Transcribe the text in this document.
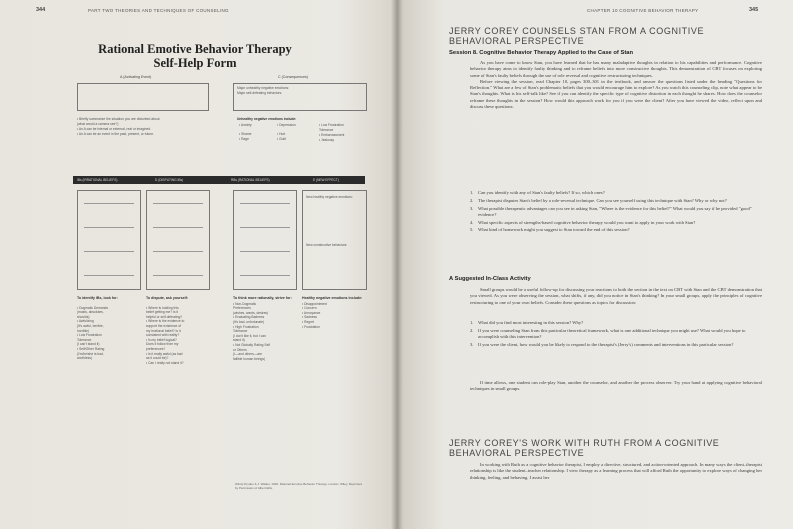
344	PART TWO THEORIES AND TECHNIQUES OF COUNSELING
Rational Emotive Behavior Therapy
Self-Help Form
A (Activating Event)	C (Consequences)
Major unhealthy negative emotions:
Major self-defeating behaviors:
• Briefly summarize the situation you are disturbed about
(what would a camera see?)
• An A can be internal or external, real or imagined.
• An A can be an event in the past, present, or future.
Unhealthy negative emotions include:
• Anxiety
• Shame
• Rage
• Depression
• Hurt
• Guilt
• Low Frustration
Tolerance
• Embarrassment
• Jealousy
IBs (IRRATIONAL BELIEFS)	D (DISPUTING IBs)	RBs (RATIONAL BELIEFS)	E (NEW EFFECT)
New healthy negative emotions:
New constructive behaviors:
To identify IBs, look for:
• Dogmatic Demands
(musts, absolutes,
shoulds)
• Awfulizing
(It's awful, terrible,
horrible)
• Low Frustration
Tolerance
(I can't stand it)
• Self/Other Rating
(I'm/he/she is bad,
worthless)
To dispute, ask yourself:
• Where is holding this
belief getting me? Is it
helpful or self-defeating?
• Where is the evidence to
support the existence of
my irrational belief? Is it
consistent with reality?
• Is my belief logical?
Does it follow from my
preferences?
• Is it really awful (as bad
as it could be)?
• Can I really not stand it?
To think more rationally, strive for:
• Non-Dogmatic
Preferences
(wishes, wants, desires)
• Evaluating Badness
(it's bad, unfortunate)
• High Frustration
Tolerance
(I don't like it, but I can
stand it)
• Not Globally Rating Self
or Others
(I—and others—are
fallible human beings)
Healthy negative emotions include:
• Disappointment
• Concern
• Annoyance
• Sadness
• Regret
• Frustration
Windy Dryden & J. Walker, 1992. Rational Emotive Behavior Therapy. London: Wiley. Reprinted by Permission of Albert Ellis.
CHAPTER 10 COGNITIVE BEHAVIOR THERAPY	345
JERRY COREY COUNSELS STAN FROM A COGNITIVE
BEHAVIORAL PERSPECTIVE
Session 8. Cognitive Behavior Therapy Applied to the Case of Stan

As you have come to know Stan, you have learned that he has many maladaptive thoughts in relation to his capabilities and performance. Cognitive behavior therapy aims to identify faulty thinking and to reframe beliefs into more constructive thoughts. This demonstration of CBT focuses on exploring some of Stan's faulty beliefs through the use of role reversal and cognitive restructuring techniques.

Before viewing the session, read Chapter 10, pages 300–301 in the textbook, and answer the questions listed under the heading "Questions for Reflection." What are a few of Stan's problematic beliefs that you would encourage him to explore? As you watch this counseling clip, note what appear to be Stan's thoughts. What is his self-talk like? See if you can identify the specific type of cognitive distortion in each thought he shares. How does the counselor reframe these thoughts in the session? How would this approach work for you if you were the client? After you have viewed the video, reflect upon and discuss these questions:

1. Can you identify with any of Stan's faulty beliefs? If so, which ones?
2. The therapist disputes Stan's belief by a role-reversal technique. Can you see yourself using this technique with Stan? Why or why not?
3. What possible therapeutic advantages can you see in asking Stan, "Where is the evidence for this belief?" What would you say if he provided "good" evidence?
4. What specific aspects of strengths-based cognitive behavior therapy would you want to apply in your work with Stan?
5. What kind of homework might you suggest to Stan toward the end of this session?
A Suggested In-Class Activity

Small groups would be a useful follow-up for discussing your reactions to both the section in the text on CBT with Stan and the CBT demonstration that you viewed. As you were observing the session, what shifts, if any, did you notice in Stan's thinking? In your small groups, apply the principles of cognitive restructuring to one of your own beliefs. Consider these questions as topics for discussion:

1. What did you find most interesting in this session? Why?
2. If you were counseling Stan from this particular theoretical framework, what is one additional technique you might use? What would you hope to accomplish with this intervention?
3. If you were the client, how would you be likely to respond to the therapist's (Jerry's) comments and interventions in this particular session?

If time allows, one student can role-play Stan, another the counselor, and another the process observer. Try your hand at applying cognitive behavioral techniques in small groups.

JERRY COREY'S WORK WITH RUTH FROM A COGNITIVE
BEHAVIORAL PERSPECTIVE

In working with Ruth as a cognitive behavior therapist, I employ a directive, structured, and action-oriented approach. In many ways the client–therapist relationship is like the student–teacher relationship. I view therapy as a learning process that will afford Ruth the opportunity to explore ways of changing her thinking, feeling, and behaving. I assist her
